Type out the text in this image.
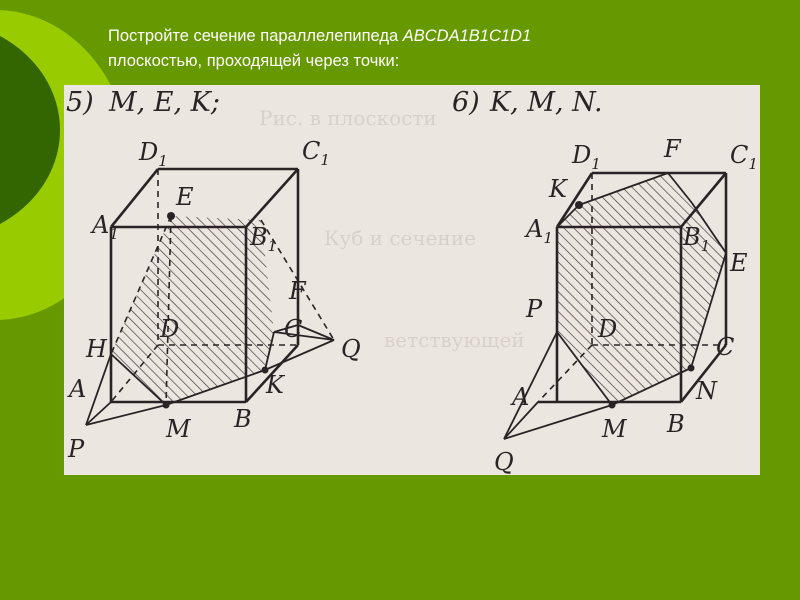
Постройте сечение параллелепипеда ABCDA1B1C1D1
плоскостью, проходящей через точки:
Рис. в плоскости
Куб и сечение
ветствующей
5) M, E, K;
$D_1$	$C_1$
$A_1$	$B_1$
E
F
D	C
H	Q
A	K
M B
P
6) K, M, N.
$D_1$
F $C_1$
K
$A_1$	$B_1$
E
P
D
C
A	N
M B
Q
